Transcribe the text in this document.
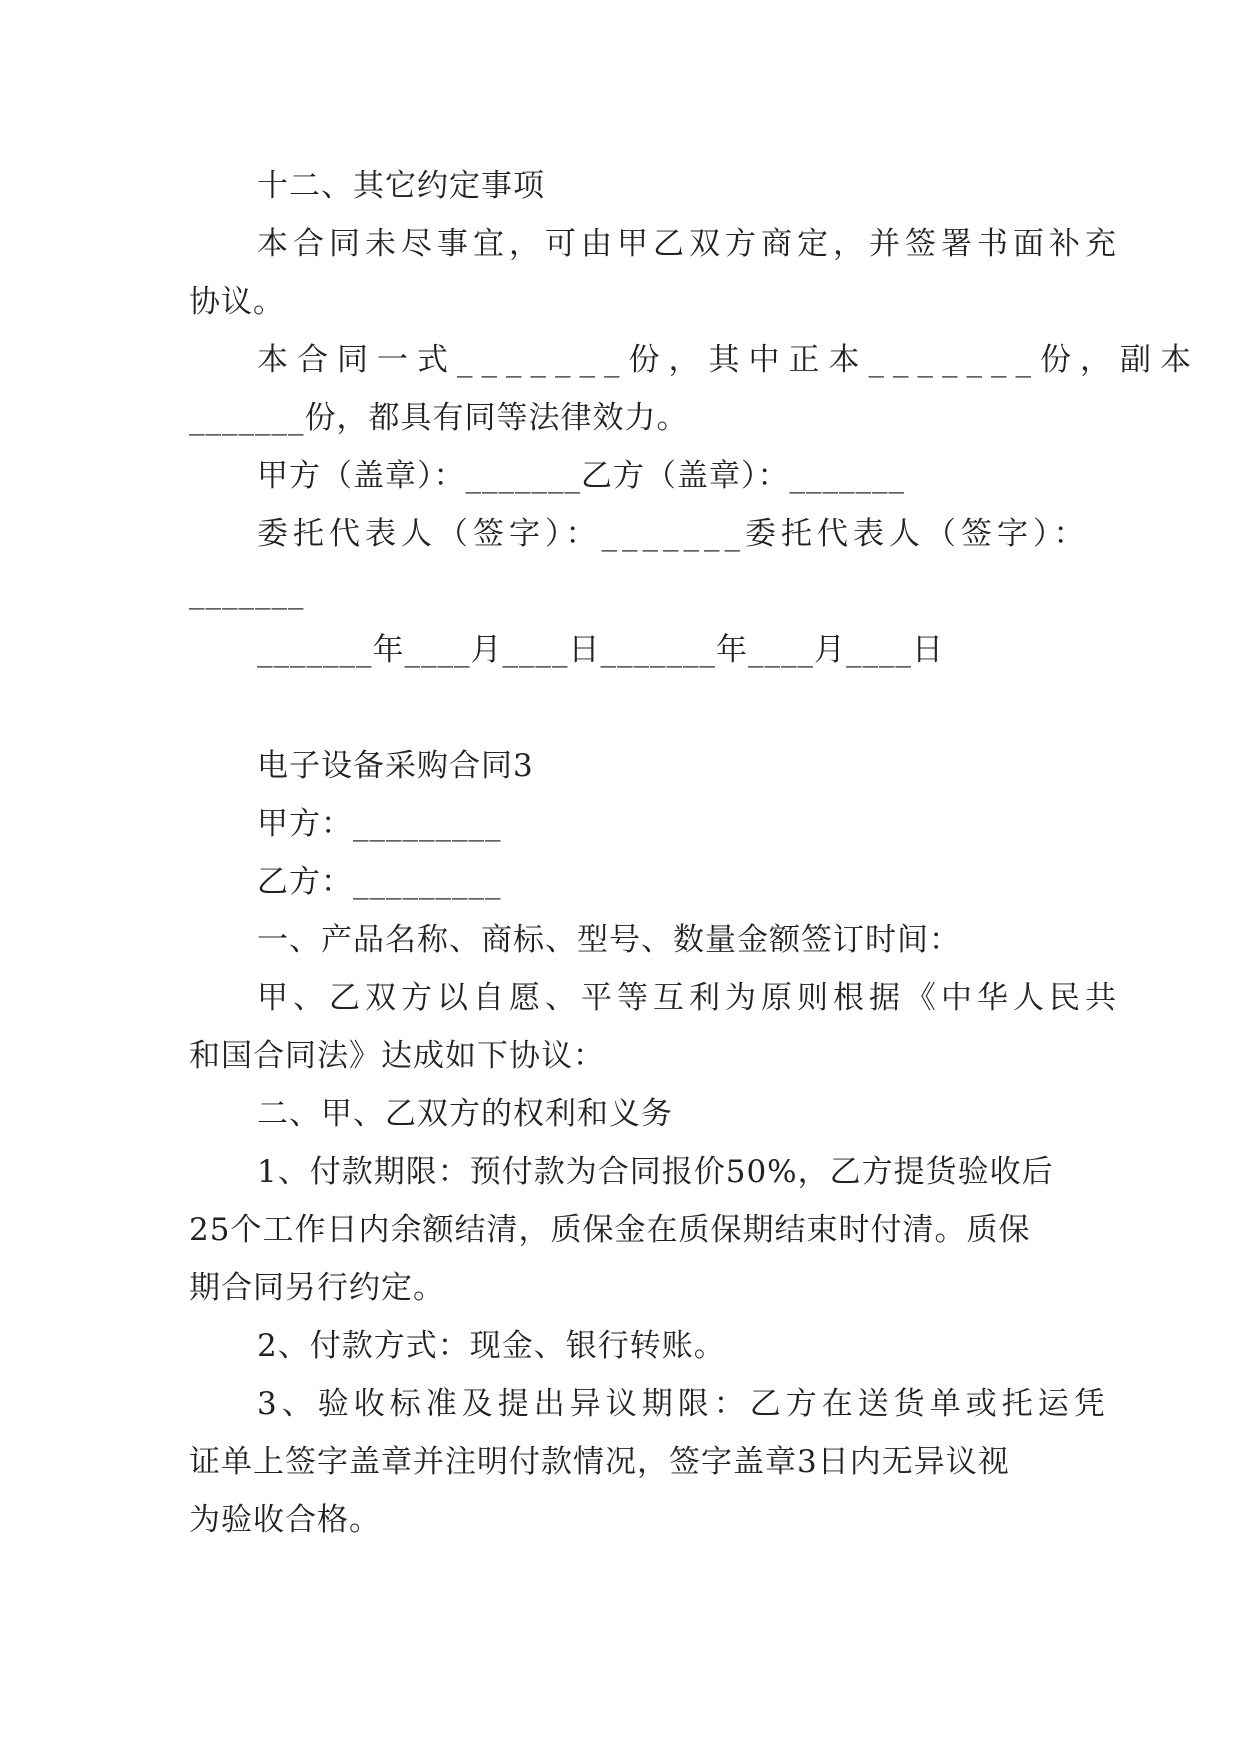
十二、其它约定事项
本合同未尽事宜，可由甲乙双方商定，并签署书面补充
协议。
本合同一式_______份，其中正本_______份，副本
_______份，都具有同等法律效力。
甲方（盖章）：_______乙方（盖章）：_______
委托代表人（签字）：_______委托代表人（签字）：
_______
_______年____月____日_______年____月____日
电子设备采购合同3
甲方：_________
乙方：_________
一、产品名称、商标、型号、数量金额签订时间：
甲、乙双方以自愿、平等互利为原则根据《中华人民共
和国合同法》达成如下协议：
二、甲、乙双方的权利和义务
1、付款期限：预付款为合同报价50%，乙方提货验收后
25个工作日内余额结清，质保金在质保期结束时付清。质保
期合同另行约定。
2、付款方式：现金、银行转账。
3、验收标准及提出异议期限：乙方在送货单或托运凭
证单上签字盖章并注明付款情况，签字盖章3日内无异议视
为验收合格。
